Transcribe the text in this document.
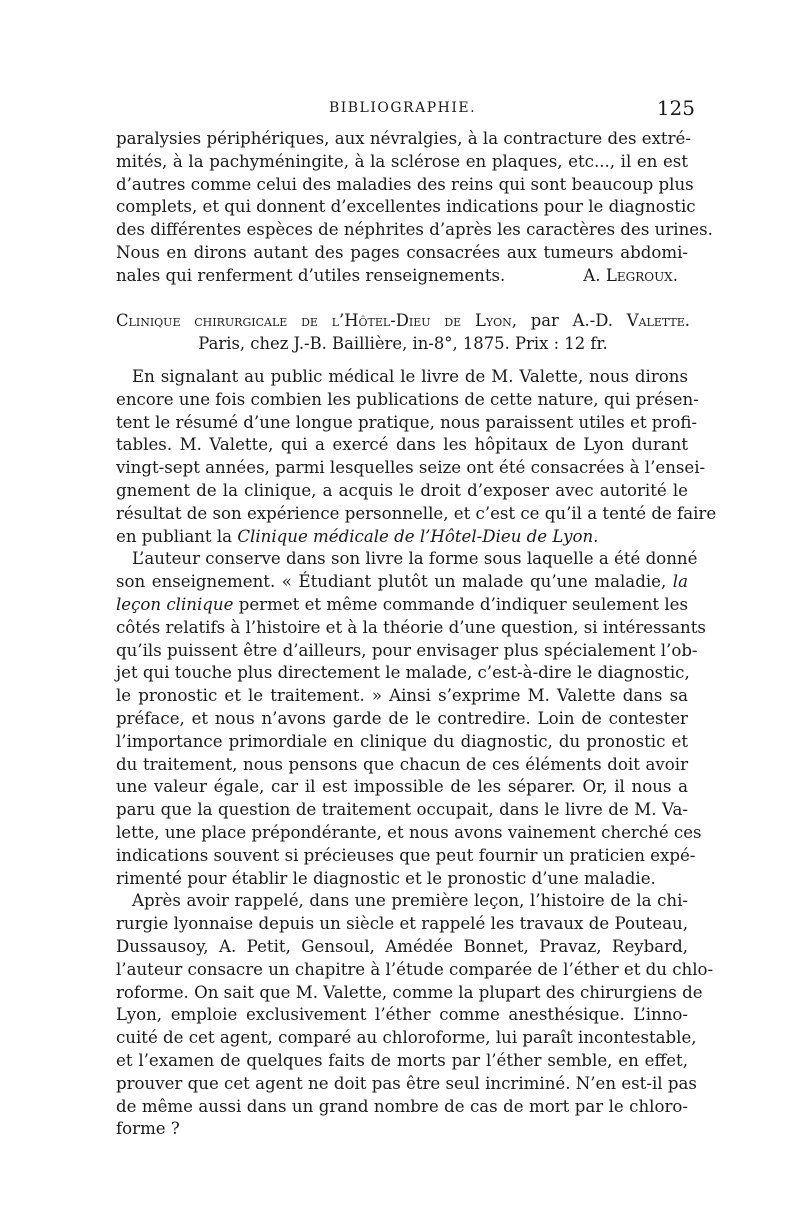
BIBLIOGRAPHIE.	125
paralysies périphériques, aux névralgies, à la contracture des extré-
mités, à la pachyméningite, à la sclérose en plaques, etc..., il en est
d’autres comme celui des maladies des reins qui sont beaucoup plus
complets, et qui donnent d’excellentes indications pour le diagnostic
des différentes espèces de néphrites d’après les caractères des urines.
Nous en dirons autant des pages consacrées aux tumeurs abdomi-
nales qui renferment d’utiles renseignements.	A. Legroux.
Clinique chirurgicale de l’Hôtel-Dieu de Lyon, par A.-D. Valette.
Paris, chez J.-B. Baillière, in-8°, 1875. Prix : 12 fr.
En signalant au public médical le livre de M. Valette, nous dirons
encore une fois combien les publications de cette nature, qui présen-
tent le résumé d’une longue pratique, nous paraissent utiles et profi-
tables. M. Valette, qui a exercé dans les hôpitaux de Lyon durant
vingt-sept années, parmi lesquelles seize ont été consacrées à l’ensei-
gnement de la clinique, a acquis le droit d’exposer avec autorité le
résultat de son expérience personnelle, et c’est ce qu’il a tenté de faire
en publiant la Clinique médicale de l’Hôtel-Dieu de Lyon.
L’auteur conserve dans son livre la forme sous laquelle a été donné
son enseignement. « Étudiant plutôt un malade qu’une maladie, la
leçon clinique permet et même commande d’indiquer seulement les
côtés relatifs à l’histoire et à la théorie d’une question, si intéressants
qu’ils puissent être d’ailleurs, pour envisager plus spécialement l’ob-
jet qui touche plus directement le malade, c’est-à-dire le diagnostic,
le pronostic et le traitement. » Ainsi s’exprime M. Valette dans sa
préface, et nous n’avons garde de le contredire. Loin de contester
l’importance primordiale en clinique du diagnostic, du pronostic et
du traitement, nous pensons que chacun de ces éléments doit avoir
une valeur égale, car il est impossible de les séparer. Or, il nous a
paru que la question de traitement occupait, dans le livre de M. Va-
lette, une place prépondérante, et nous avons vainement cherché ces
indications souvent si précieuses que peut fournir un praticien expé-
rimenté pour établir le diagnostic et le pronostic d’une maladie.
Après avoir rappelé, dans une première leçon, l’histoire de la chi-
rurgie lyonnaise depuis un siècle et rappelé les travaux de Pouteau,
Dussausoy, A. Petit, Gensoul, Amédée Bonnet, Pravaz, Reybard,
l’auteur consacre un chapitre à l’étude comparée de l’éther et du chlo-
roforme. On sait que M. Valette, comme la plupart des chirurgiens de
Lyon, emploie exclusivement l’éther comme anesthésique. L’inno-
cuité de cet agent, comparé au chloroforme, lui paraît incontestable,
et l’examen de quelques faits de morts par l’éther semble, en effet,
prouver que cet agent ne doit pas être seul incriminé. N’en est-il pas
de même aussi dans un grand nombre de cas de mort par le chloro-
forme ?
